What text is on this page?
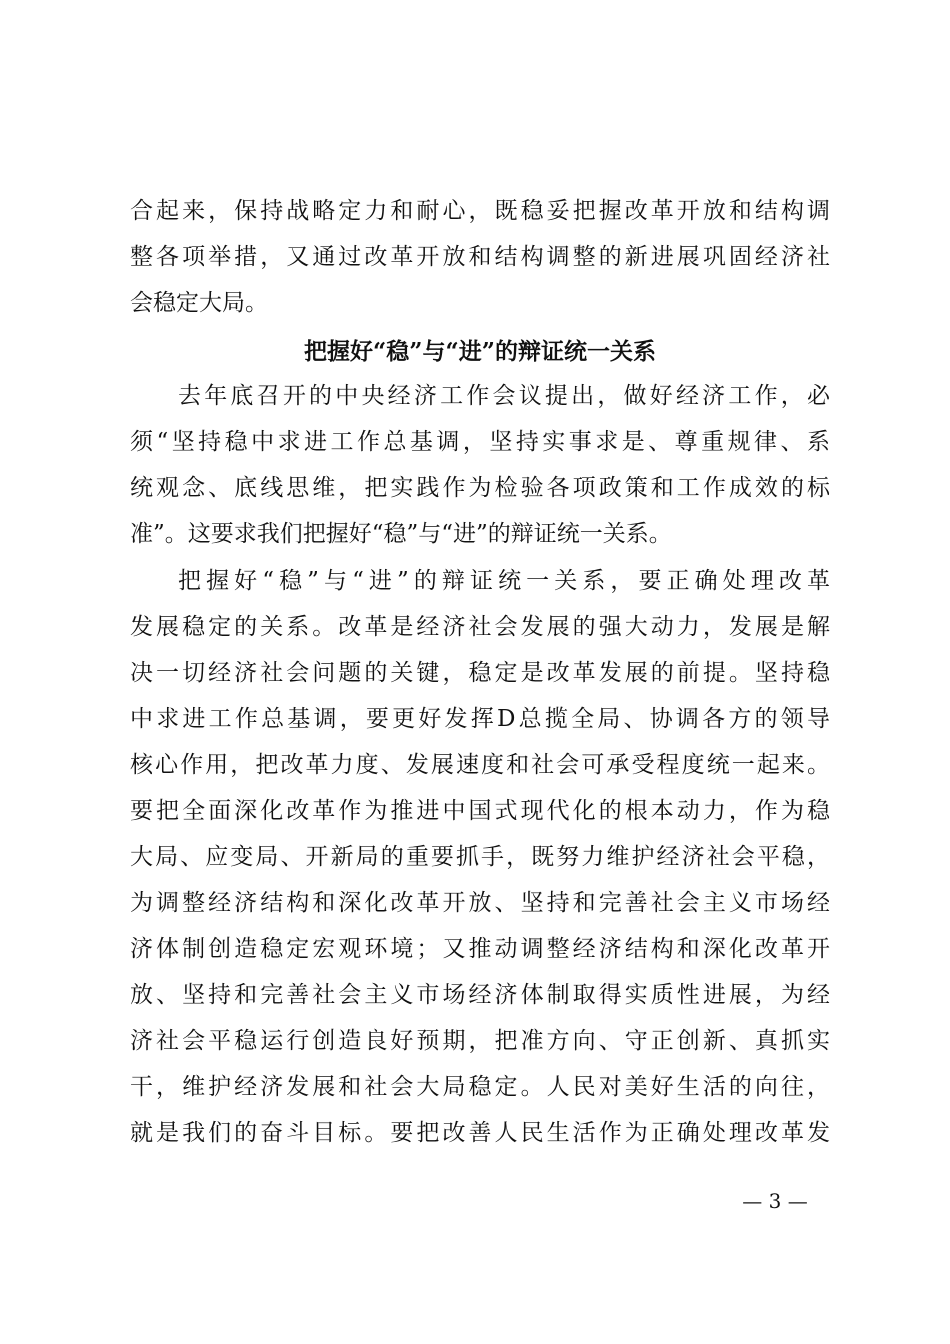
合起来，保持战略定力和耐心，既稳妥把握改革开放和结构调
整各项举措，又通过改革开放和结构调整的新进展巩固经济社
会稳定大局。
把握好“稳”与“进”的辩证统一关系
去年底召开的中央经济工作会议提出，做好经济工作，必
须“坚持稳中求进工作总基调，坚持实事求是、尊重规律、系
统观念、底线思维，把实践作为检验各项政策和工作成效的标
准”。这要求我们把握好“稳”与“进”的辩证统一关系。
把握好“稳”与“进”的辩证统一关系，要正确处理改革
发展稳定的关系。改革是经济社会发展的强大动力，发展是解
决一切经济社会问题的关键，稳定是改革发展的前提。坚持稳
中求进工作总基调，要更好发挥D总揽全局、协调各方的领导
核心作用，把改革力度、发展速度和社会可承受程度统一起来。
要把全面深化改革作为推进中国式现代化的根本动力，作为稳
大局、应变局、开新局的重要抓手，既努力维护经济社会平稳，
为调整经济结构和深化改革开放、坚持和完善社会主义市场经
济体制创造稳定宏观环境；又推动调整经济结构和深化改革开
放、坚持和完善社会主义市场经济体制取得实质性进展，为经
济社会平稳运行创造良好预期，把准方向、守正创新、真抓实
干，维护经济发展和社会大局稳定。人民对美好生活的向往，
就是我们的奋斗目标。要把改善人民生活作为正确处理改革发
— 3 —
